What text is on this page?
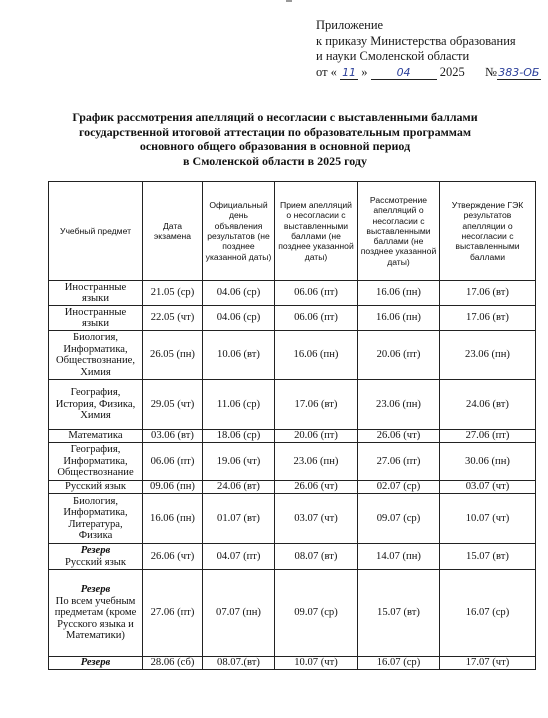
Приложение
к приказу Министерства образования
и науки Смоленской области
от « 11 »	04 2025 №383-ОБ
График рассмотрения апелляций о несогласии с выставленными баллами
государственной итоговой аттестации по образовательным программам
основного общего образования в основной период
в Смоленской области в 2025 году
Учебный предмет	Дата экзамена	Официальный день объявления результатов (не позднее указанной даты)	Прием апелляций о несогласии с выставленными баллами (не позднее указанной даты)	Рассмотрение апелляций о несогласии с выставленными баллами (не позднее указанной даты)	Утверждение ГЭК результатов апелляции о несогласии с выставленными баллами
Иностранные языки	21.05 (ср)	04.06 (ср)	06.06 (пт)	16.06 (пн)	17.06 (вт)
Иностранные языки	22.05 (чт)	04.06 (ср)	06.06 (пт)	16.06 (пн)	17.06 (вт)
Биология, Информатика, Обществознание, Химия	26.05 (пн)	10.06 (вт)	16.06 (пн)	20.06 (пт)	23.06 (пн)
География, История, Физика, Химия	29.05 (чт)	11.06 (ср)	17.06 (вт)	23.06 (пн)	24.06 (вт)
Математика	03.06 (вт)	18.06 (ср)	20.06 (пт)	26.06 (чт)	27.06 (пт)
География, Информатика, Обществознание	06.06 (пт)	19.06 (чт)	23.06 (пн)	27.06 (пт)	30.06 (пн)
Русский язык	09.06 (пн)	24.06 (вт)	26.06 (чт)	02.07 (ср)	03.07 (чт)
Биология, Информатика, Литература, Физика	16.06 (пн)	01.07 (вт)	03.07 (чт)	09.07 (ср)	10.07 (чт)

Резерв
Русский язык	26.06 (чт)	04.07 (пт)	08.07 (вт)	14.07 (пн)	15.07 (вт)

Резерв
По всем учебным предметам (кроме Русского языка и Математики)	27.06 (пт)	07.07 (пн)	09.07 (ср)	15.07 (вт)	16.07 (ср)

Резерв	28.06 (сб)	08.07.(вт)	10.07 (чт)	16.07 (ср)	17.07 (чт)
